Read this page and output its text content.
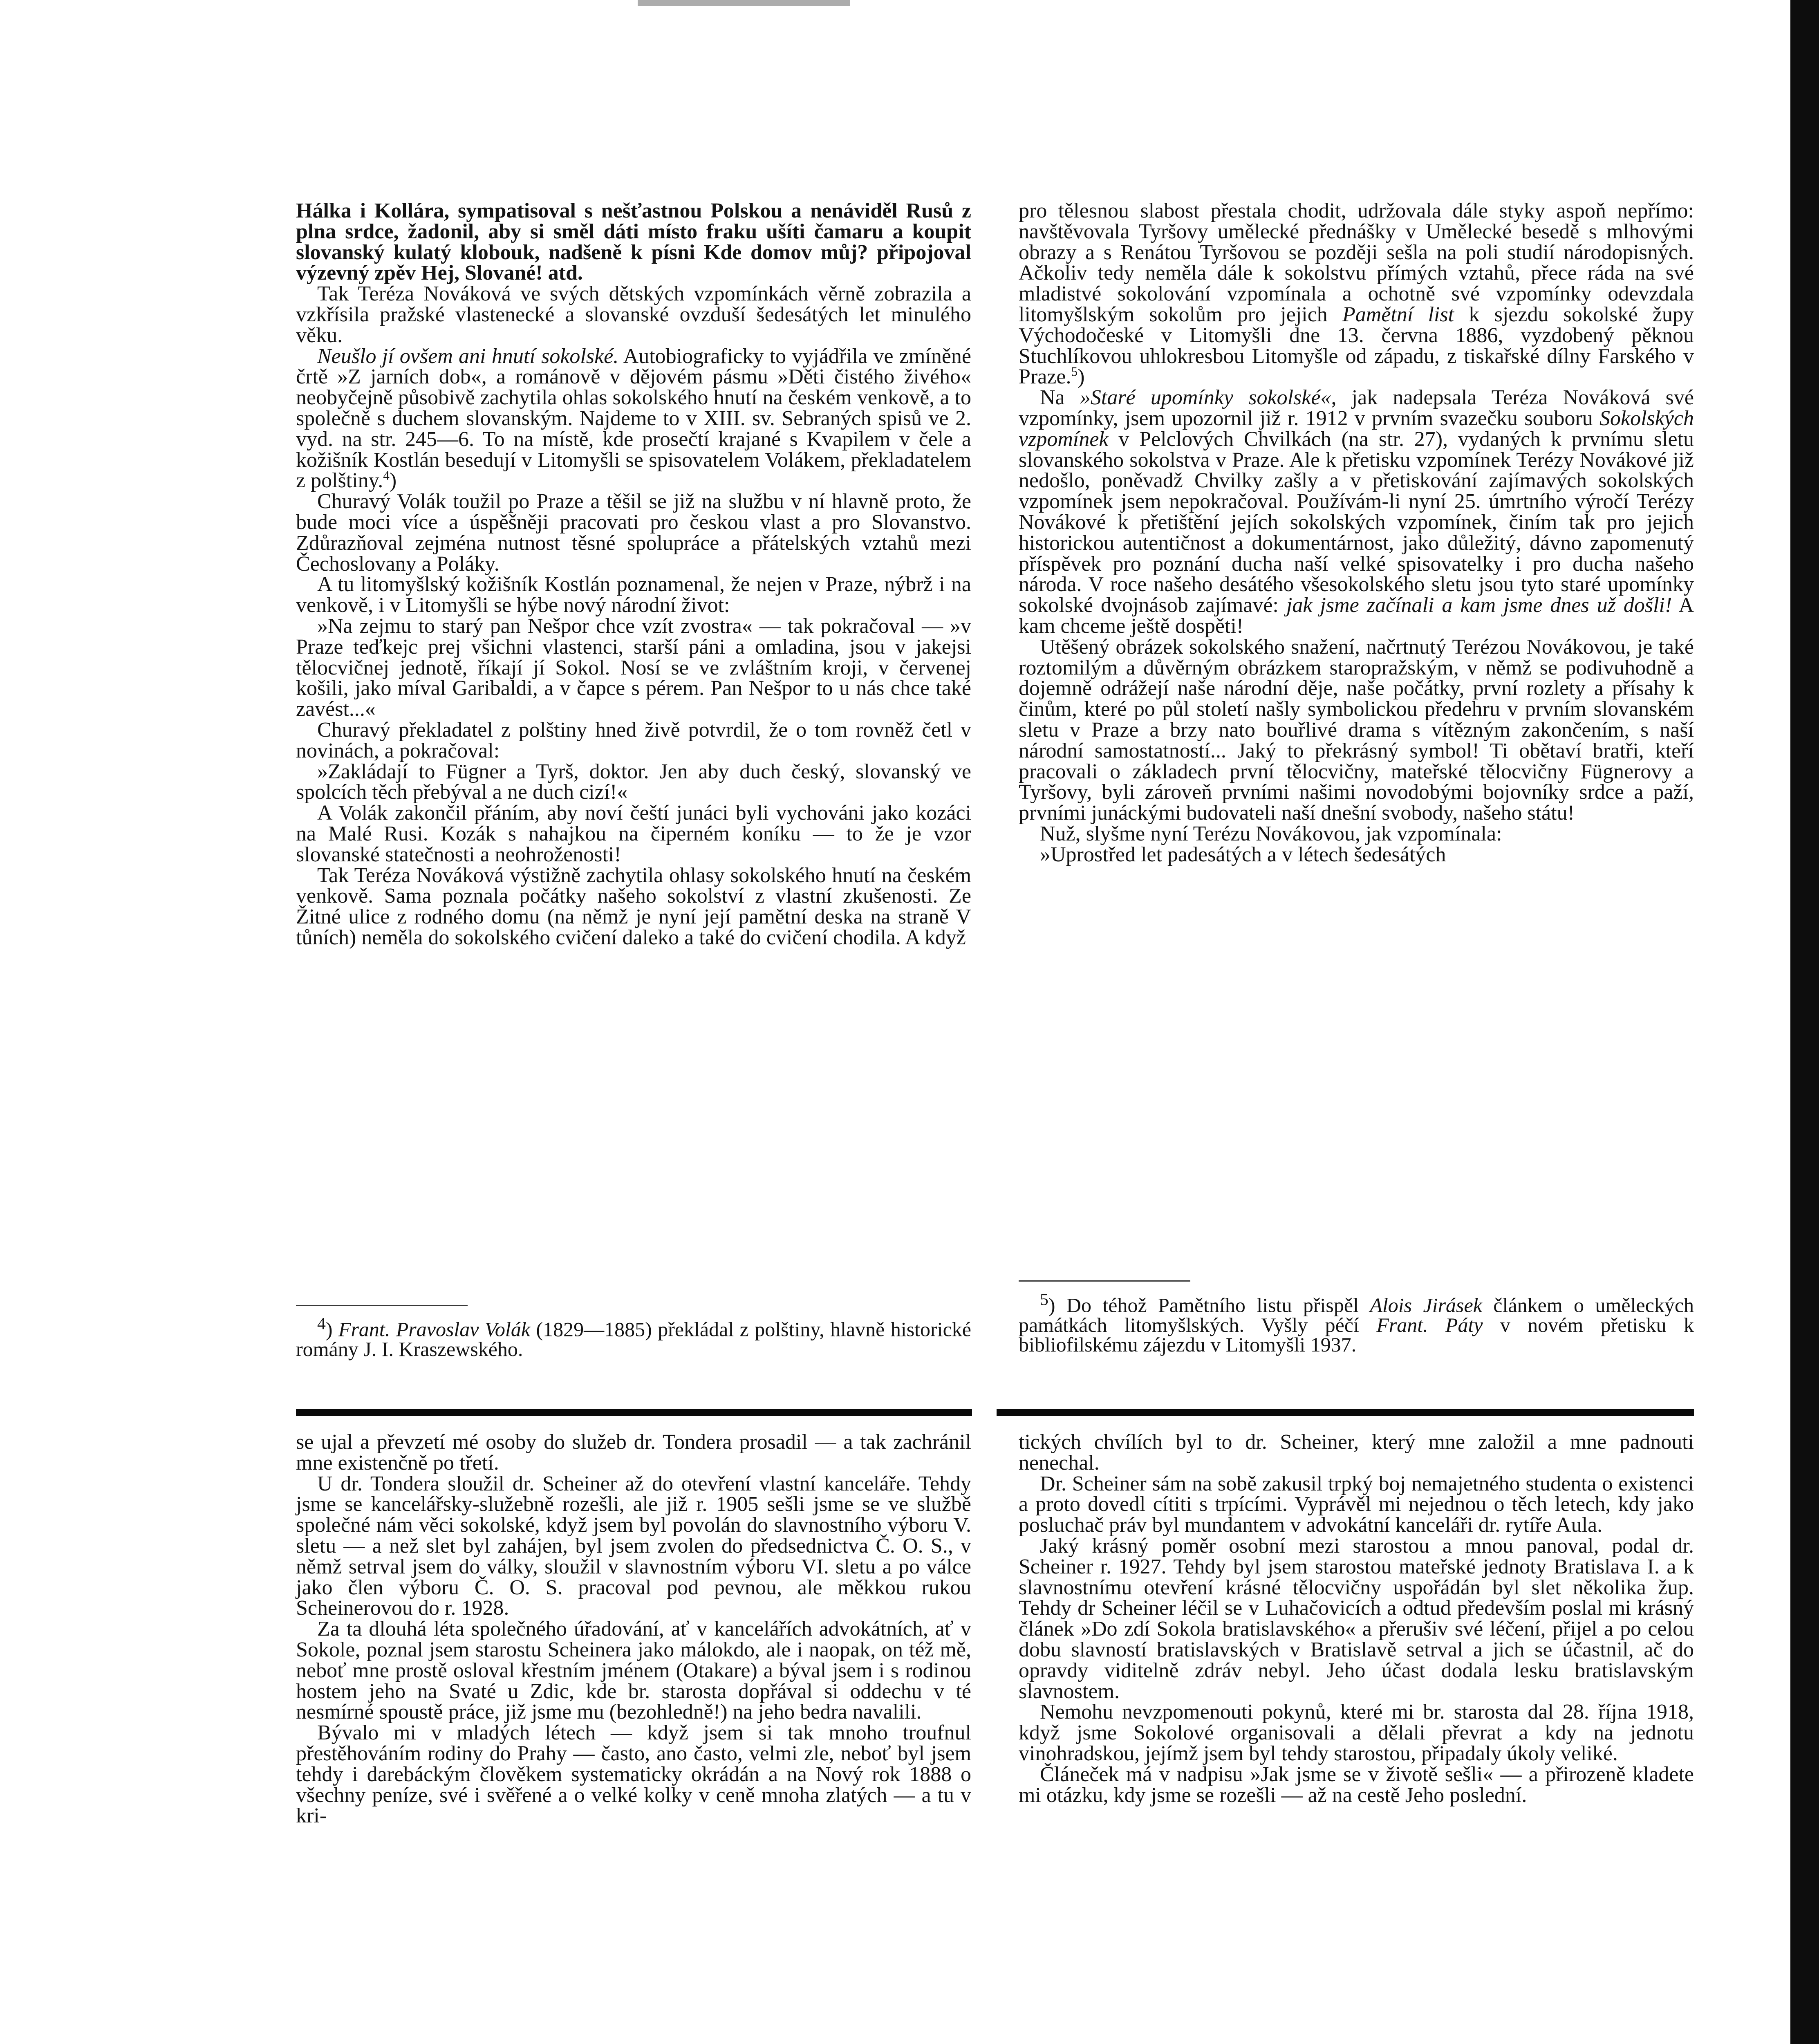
Hálka i Kollára, sympatisoval s nešťastnou Polskou a nenáviděl Rusů z plna srdce, žadonil, aby si směl dáti místo fraku ušíti čamaru a koupit slovanský kulatý klobouk, nadšeně k písni Kde domov můj? připojoval výzevný zpěv Hej, Slované! atd.

Tak Teréza Nováková ve svých dětských vzpomínkách věrně zobrazila a vzkřísila pražské vlastenecké a slovanské ovzduší šedesátých let minulého věku.

Neušlo jí ovšem ani hnutí sokolské. Autobiograficky to vyjádřila ve zmíněné črtě »Z jarních dob«, a románově v dějovém pásmu »Děti čistého živého« neobyčejně působivě zachytila ohlas sokolského hnutí na českém venkově, a to společně s duchem slovanským. Najdeme to v XIII. sv. Sebraných spisů ve 2. vyd. na str. 245—6. To na místě, kde prosečtí krajané s Kvapilem v čele a kožišník Kostlán besedují v Litomyšli se spisovatelem Volákem, překladatelem z polštiny.$^4$)

Churavý Volák toužil po Praze a těšil se již na službu v ní hlavně proto, že bude moci více a úspěšněji pracovati pro českou vlast a pro Slovanstvo. Zdůrazňoval zejména nutnost těsné spolupráce a přátelských vztahů mezi Čechoslovany a Poláky.

A tu litomyšlský kožišník Kostlán poznamenal, že nejen v Praze, nýbrž i na venkově, i v Litomyšli se hýbe nový národní život:

»Na zejmu to starý pan Nešpor chce vzít zvostra« — tak pokračoval — »v Praze teďkejc prej všichni vlastenci, starší páni a omladina, jsou v jakejsi tělocvičnej jednotě, říkají jí Sokol. Nosí se ve zvláštním kroji, v červenej košili, jako míval Garibaldi, a v čapce s pérem. Pan Nešpor to u nás chce také zavést...«

Churavý překladatel z polštiny hned živě potvrdil, že o tom rovněž četl v novinách, a pokračoval:

»Zakládají to Fügner a Tyrš, doktor. Jen aby duch český, slovanský ve spolcích těch přebýval a ne duch cizí!«

A Volák zakončil přáním, aby noví čeští junáci byli vychováni jako kozáci na Malé Rusi. Kozák s nahajkou na čiperném koníku — to že je vzor slovanské statečnosti a neohroženosti!

Tak Teréza Nováková výstižně zachytila ohlasy sokolského hnutí na českém venkově. Sama poznala počátky našeho sokolství z vlastní zkušenosti. Ze Žitné ulice z rodného domu (na němž je nyní její pamětní deska na straně V tůních) neměla do sokolského cvičení daleko a také do cvičení chodila. A když

$^4$) Frant. Pravoslav Volák (1829—1885) překládal z polštiny, hlavně historické romány J. I. Kraszewského.

pro tělesnou slabost přestala chodit, udržovala dále styky aspoň nepřímo: navštěvovala Tyršovy umělecké přednášky v Umělecké besedě s mlhovými obrazy a s Renátou Tyršovou se později sešla na poli studií národopisných. Ačkoliv tedy neměla dále k sokolstvu přímých vztahů, přece ráda na své mladistvé sokolování vzpomínala a ochotně své vzpomínky odevzdala litomyšlským sokolům pro jejich Pamětní list k sjezdu sokolské župy Východočeské v Litomyšli dne 13. června 1886, vyzdobený pěknou Stuchlíkovou uhlokresbou Litomyšle od západu, z tiskařské dílny Farského v Praze.$^5$)

Na »Staré upomínky sokolské«, jak nadepsala Teréza Nováková své vzpomínky, jsem upozornil již r. 1912 v prvním svazečku souboru Sokolských vzpomínek v Pelclových Chvilkách (na str. 27), vydaných k prvnímu sletu slovanského sokolstva v Praze. Ale k přetisku vzpomínek Terézy Novákové již nedošlo, poněvadž Chvilky zašly a v přetiskování zajímavých sokolských vzpomínek jsem nepokračoval. Používám-li nyní 25. úmrtního výročí Terézy Novákové k přetištění jejích sokolských vzpomínek, činím tak pro jejich historickou autentičnost a dokumentárnost, jako důležitý, dávno zapomenutý příspěvek pro poznání ducha naší velké spisovatelky i pro ducha našeho národa. V roce našeho desátého všesokolského sletu jsou tyto staré upomínky sokolské dvojnásob zajímavé: jak jsme začínali a kam jsme dnes už došli! A kam chceme ještě dospěti!

Utěšený obrázek sokolského snažení, načrtnutý Terézou Novákovou, je také roztomilým a důvěrným obrázkem staropražským, v němž se podivuhodně a dojemně odrážejí naše národní děje, naše počátky, první rozlety a přísahy k činům, které po půl století našly symbolickou předehru v prvním slovanském sletu v Praze a brzy nato bouřlivé drama s vítězným zakončením, s naší národní samostatností... Jaký to překrásný symbol! Ti obětaví bratři, kteří pracovali o základech první tělocvičny, mateřské tělocvičny Fügnerovy a Tyršovy, byli zároveň prvními našimi novodobými bojovníky srdce a paží, prvními junáckými budovateli naší dnešní svobody, našeho státu!

Nuž, slyšme nyní Terézu Novákovou, jak vzpomínala:

»Uprostřed let padesátých a v létech šedesátých

$^5$) Do téhož Pamětního listu přispěl Alois Jirásek článkem o uměleckých památkách litomyšlských. Vyšly péčí Frant. Páty v novém přetisku k bibliofilskému zájezdu v Litomyšli 1937.

se ujal a převzetí mé osoby do služeb dr. Tondera prosadil — a tak zachránil mne existenčně po třetí.

U dr. Tondera sloužil dr. Scheiner až do otevření vlastní kanceláře. Tehdy jsme se kancelářsky-služebně rozešli, ale již r. 1905 sešli jsme se ve službě společné nám věci sokolské, když jsem byl povolán do slavnostního výboru V. sletu — a než slet byl zahájen, byl jsem zvolen do předsednictva Č. O. S., v němž setrval jsem do války, sloužil v slavnostním výboru VI. sletu a po válce jako člen výboru Č. O. S. pracoval pod pevnou, ale měkkou rukou Scheinerovou do r. 1928.

Za ta dlouhá léta společného úřadování, ať v kancelářích advokátních, ať v Sokole, poznal jsem starostu Scheinera jako málokdo, ale i naopak, on též mě, neboť mne prostě osloval křestním jménem (Otakare) a býval jsem i s rodinou hostem jeho na Svaté u Zdic, kde br. starosta dopřával si oddechu v té nesmírné spoustě práce, již jsme mu (bezohledně!) na jeho bedra navalili.

Bývalo mi v mladých létech — když jsem si tak mnoho troufnul přestěhováním rodiny do Prahy — často, ano často, velmi zle, neboť byl jsem tehdy i darebáckým člověkem systematicky okrádán a na Nový rok 1888 o všechny peníze, své i svěřené a o velké kolky v ceně mnoha zlatých — a tu v kri-

tických chvílích byl to dr. Scheiner, který mne založil a mne padnouti nenechal.

Dr. Scheiner sám na sobě zakusil trpký boj nemajetného studenta o existenci a proto dovedl cítiti s trpícími. Vyprávěl mi nejednou o těch letech, kdy jako posluchač práv byl mundantem v advokátní kanceláři dr. rytíře Aula.

Jaký krásný poměr osobní mezi starostou a mnou panoval, podal dr. Scheiner r. 1927. Tehdy byl jsem starostou mateřské jednoty Bratislava I. a k slavnostnímu otevření krásné tělocvičny uspořádán byl slet několika žup. Tehdy dr Scheiner léčil se v Luhačovicích a odtud především poslal mi krásný článek »Do zdí Sokola bratislavského« a přerušiv své léčení, přijel a po celou dobu slavností bratislavských v Bratislavě setrval a jich se účastnil, ač do opravdy viditelně zdráv nebyl. Jeho účast dodala lesku bratislavským slavnostem.

Nemohu nevzpomenouti pokynů, které mi br. starosta dal 28. října 1918, když jsme Sokolové organisovali a dělali převrat a kdy na jednotu vinohradskou, jejímž jsem byl tehdy starostou, připadaly úkoly veliké.

Článeček má v nadpisu »Jak jsme se v životě sešli« — a přirozeně kladete mi otázku, kdy jsme se rozešli — až na cestě Jeho poslední.
